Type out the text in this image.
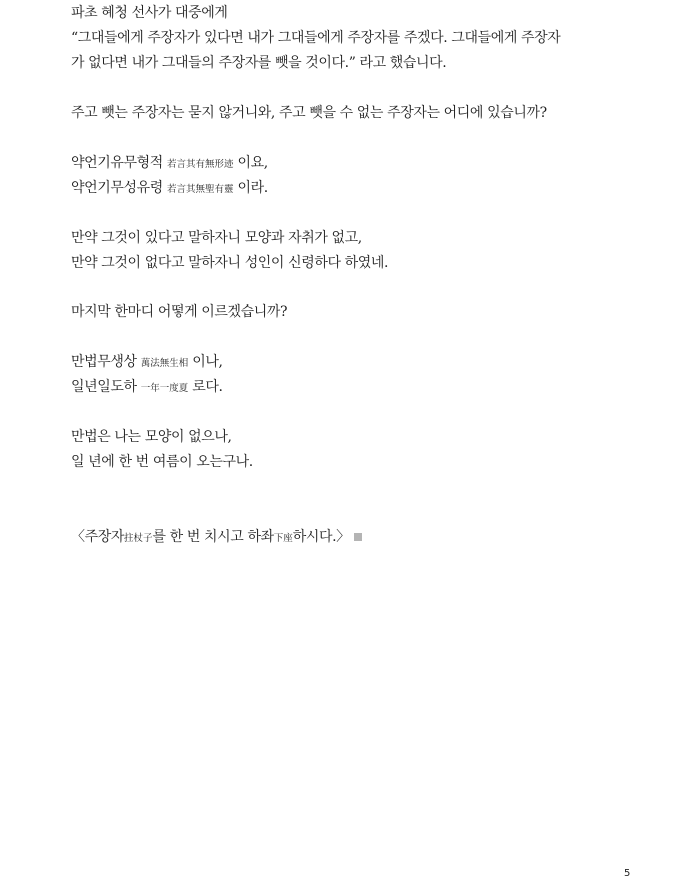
파초 혜청 선사가 대중에게
“그대들에게 주장자가 있다면 내가 그대들에게 주장자를 주겠다. 그대들에게 주장자
가 없다면 내가 그대들의 주장자를 뺏을 것이다.” 라고 했습니다.
주고 뺏는 주장자는 묻지 않거니와, 주고 뺏을 수 없는 주장자는 어디에 있습니까?
약언기유무형적 若言其有無形迹 이요,
약언기무성유령 若言其無聖有靈 이라.
만약 그것이 있다고 말하자니 모양과 자취가 없고,
만약 그것이 없다고 말하자니 성인이 신령하다 하였네.
마지막 한마디 어떻게 이르겠습니까?
만법무생상 萬法無生相 이나,
일년일도하 一年一度夏 로다.
만법은 나는 모양이 없으나,
일 년에 한 번 여름이 오는구나.
〈주장자拄杖子를 한 번 치시고 하좌下座하시다.〉
5
